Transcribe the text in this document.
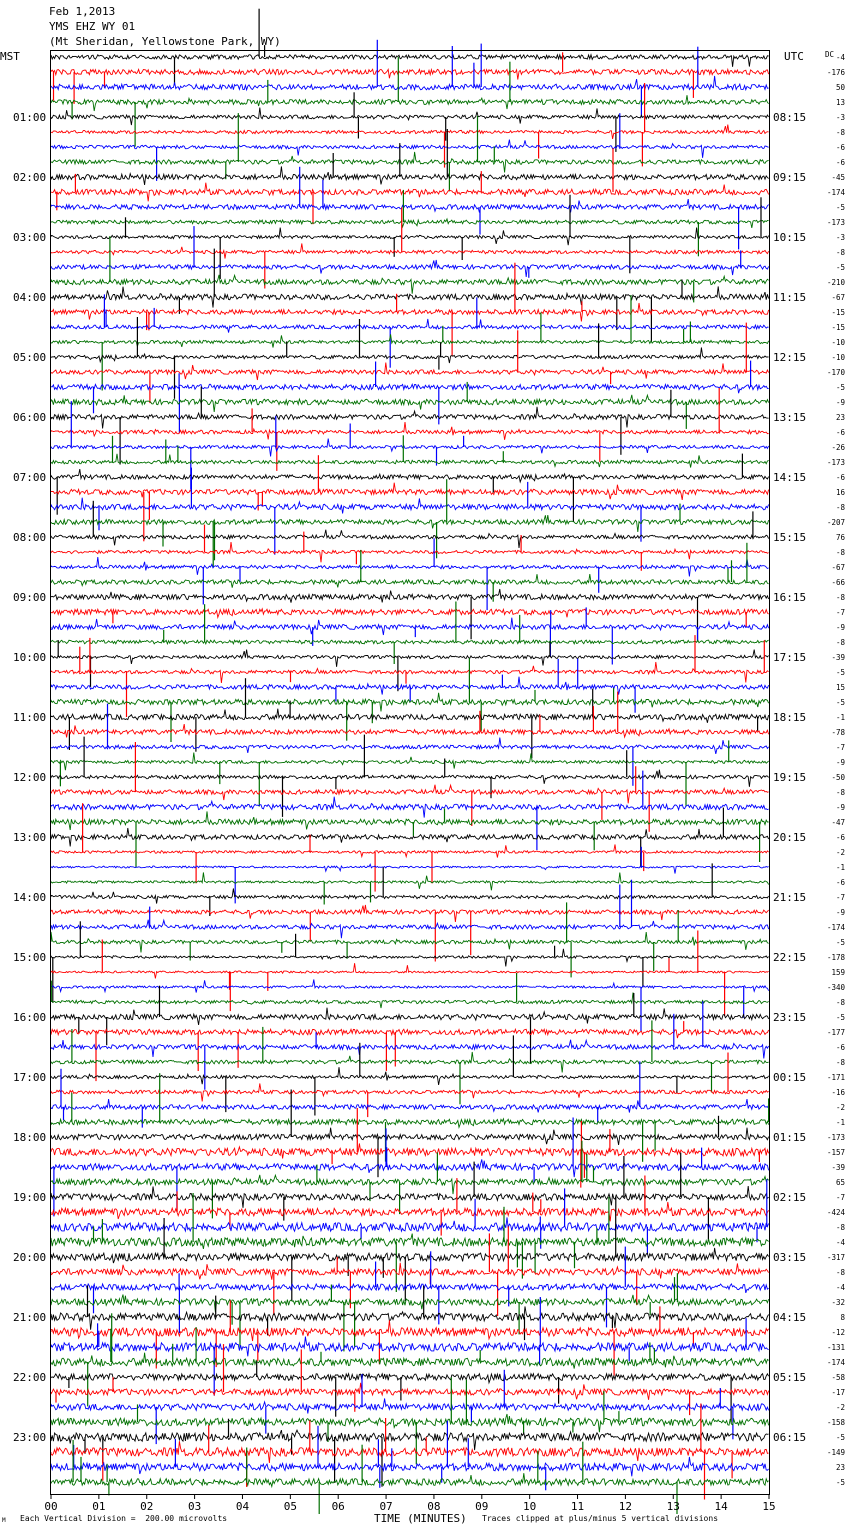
Feb 1,2013
YMS EHZ WY 01
(Mt Sheridan, Yellowstone Park, WY)
MST	UTC	-4
-176
50
13
-3
-8
-6
-6
-45
-174
-5
-173
-3
-8
-5
-210
-67
-15
-15
-10
-10
-170
-5
-9
23
-6
-26
-173
-6
16
-8
-207
76
-8
-67
-66
-8
-7
-9
-8
-39
-5
15
-5
-1
-78
-7
-9
-50
-8
-9
-47
-6
-2
-1
-6
-7
-9
-174
-5
-178
159
-340
-8
-5
-177
-6
-8
-171
-16
-2
-1
-173
-157
-39
65
-7
-424
-8
-4
-317
-8
-4
-32
8
-12
-131
-174
-58
-17
-2
-158
-5
-149
23
-5
DC
01:00	08:15
02:00	09:15
03:00	10:15
04:00	11:15
05:00	12:15
06:00	13:15
07:00	14:15
08:00	15:15
09:00	16:15
10:00	17:15
11:00	18:15
12:00	19:15
13:00	20:15
14:00	21:15
15:00	22:15
16:00	23:15
17:00	00:15
18:00	01:15
19:00	02:15
20:00	03:15
21:00	04:15
22:00	05:15
23:00	06:15
00	01	02	03	04	05	06	07	08	09	10	11	12	13	14	15
Each Vertical Division =  200.00 microvolts	TIME (MINUTES) Traces clipped at plus/minus 5 vertical divisions
M
